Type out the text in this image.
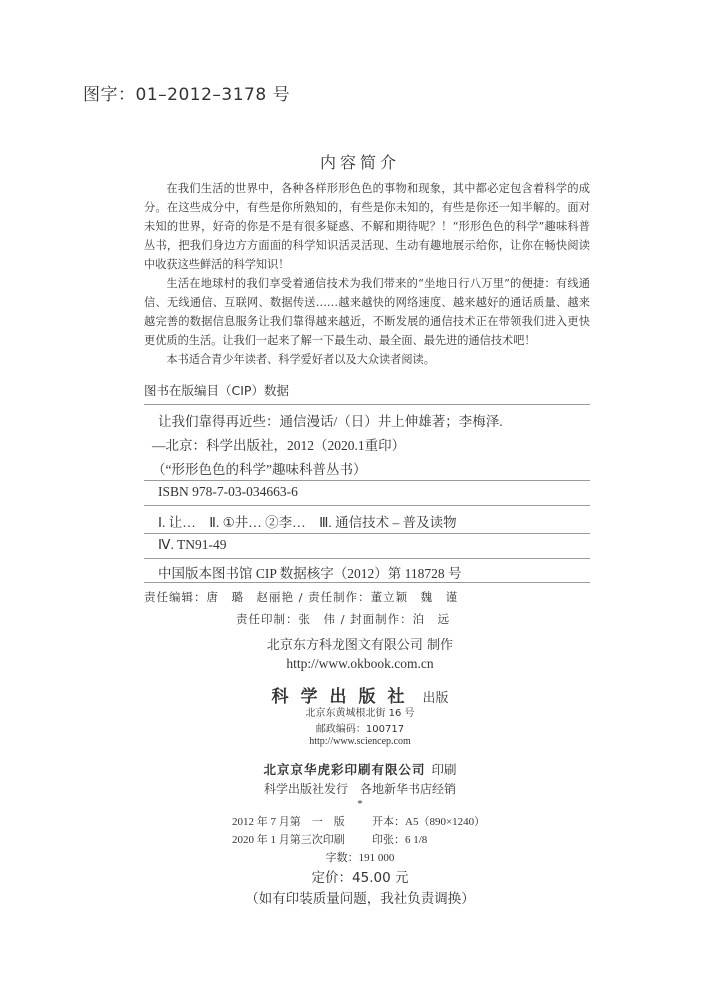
图字：01–2012–3178 号
内容简介

在我们生活的世界中，各种各样形形色色的事物和现象，其中都必定包含着科学的成分。在这些成分中，有些是你所熟知的，有些是你未知的，有些是你还一知半解的。面对未知的世界，好奇的你是不是有很多疑惑、不解和期待呢？！“形形色色的科学”趣味科普丛书，把我们身边方方面面的科学知识活灵活现、生动有趣地展示给你，让你在畅快阅读中收获这些鲜活的科学知识！

生活在地球村的我们享受着通信技术为我们带来的“坐地日行八万里”的便捷：有线通信、无线通信、互联网、数据传送……越来越快的网络速度、越来越好的通话质量、越来越完善的数据信息服务让我们靠得越来越近，不断发展的通信技术正在带领我们进入更快更优质的生活。让我们一起来了解一下最生动、最全面、最先进的通信技术吧！

本书适合青少年读者、科学爱好者以及大众读者阅读。

图书在版编目（CIP）数据
让我们靠得再近些：通信漫话/（日）井上伸雄著；李梅泽.
—北京：科学出版社，2012（2020.1重印）
（“形形色色的科学”趣味科普丛书）
ISBN 978-7-03-034663-6
Ⅰ. 让…　Ⅱ. ①井… ②李…　Ⅲ. 通信技术 – 普及读物
Ⅳ. TN91-49
中国版本图书馆 CIP 数据核字（2012）第 118728 号
责任编辑：唐　璐　赵丽艳 / 责任制作：董立颖　魏　谨
责任印制：张　伟 / 封面制作：泊　远
北京东方科龙图文有限公司 制作
http://www.okbook.com.cn
科学出版社 出版
北京东黄城根北街 16 号
邮政编码：100717
http://www.sciencep.com
北京京华虎彩印刷有限公司 印刷
科学出版社发行　各地新华书店经销
*
2012 年 7 月第　一　版 开本：A5（890×1240）
2020 年 1 月第三次印刷 印张：6 1/8
字数：191 000
定价：45.00 元
（如有印装质量问题，我社负责调换）
